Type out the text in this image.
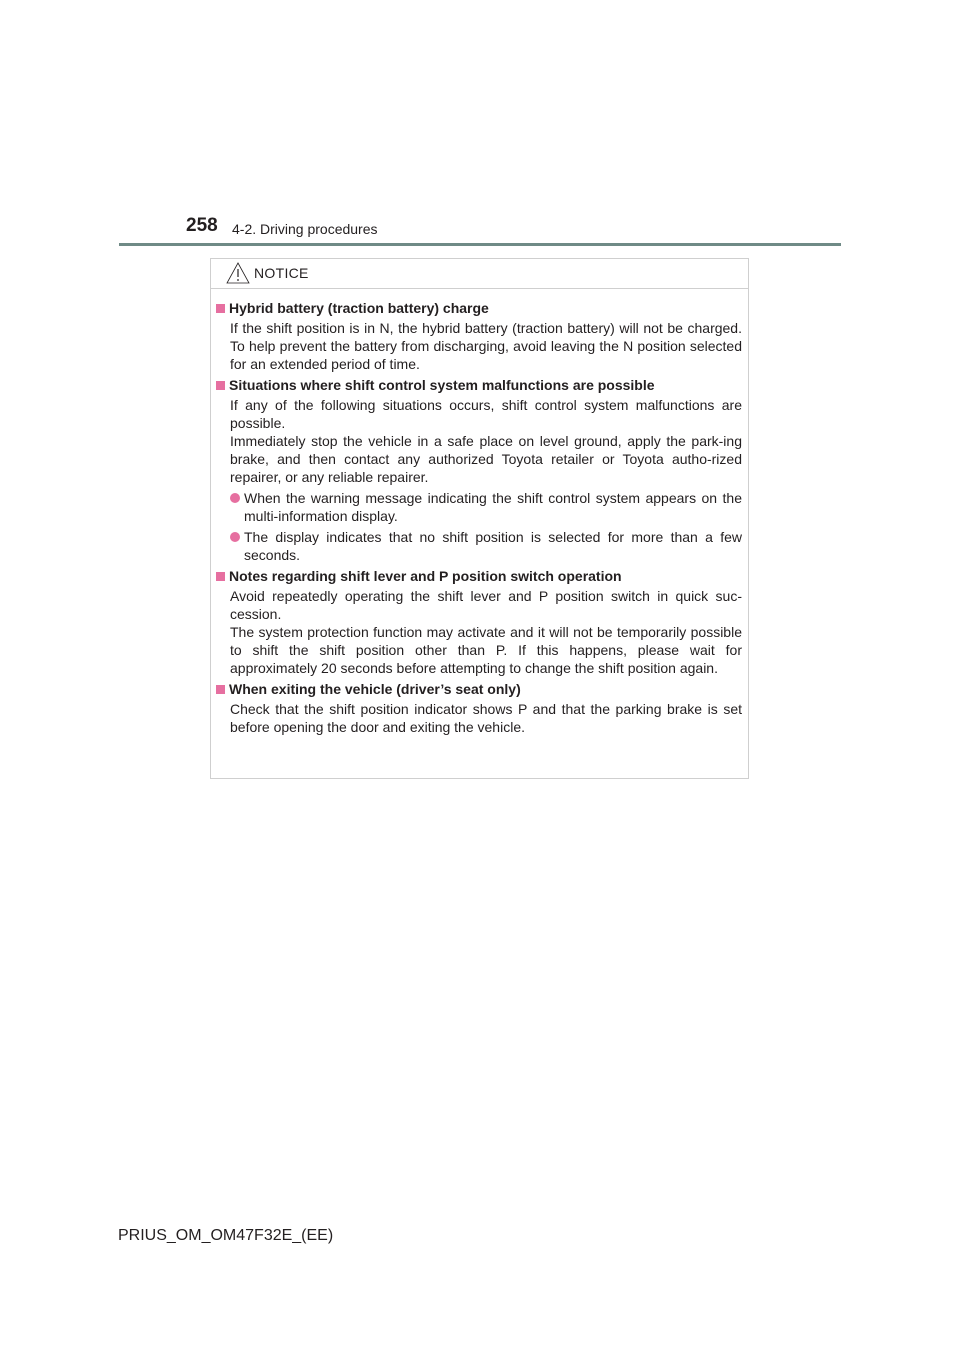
258 4-2. Driving procedures
NOTICE
Hybrid battery (traction battery) charge
If the shift position is in N, the hybrid battery (traction battery) will not be charged. To help prevent the battery from discharging, avoid leaving the N position selected for an extended period of time.
Situations where shift control system malfunctions are possible
If any of the following situations occurs, shift control system malfunctions are possible.
Immediately stop the vehicle in a safe place on level ground, apply the park-ing brake, and then contact any authorized Toyota retailer or Toyota autho-rized repairer, or any reliable repairer.
When the warning message indicating the shift control system appears on the multi-information display.
The display indicates that no shift position is selected for more than a few seconds.
Notes regarding shift lever and P position switch operation
Avoid repeatedly operating the shift lever and P position switch in quick suc-cession.
The system protection function may activate and it will not be temporarily possible to shift the shift position other than P. If this happens, please wait for approximately 20 seconds before attempting to change the shift position again.
When exiting the vehicle (driver’s seat only)
Check that the shift position indicator shows P and that the parking brake is set before opening the door and exiting the vehicle.
PRIUS_OM_OM47F32E_(EE)
